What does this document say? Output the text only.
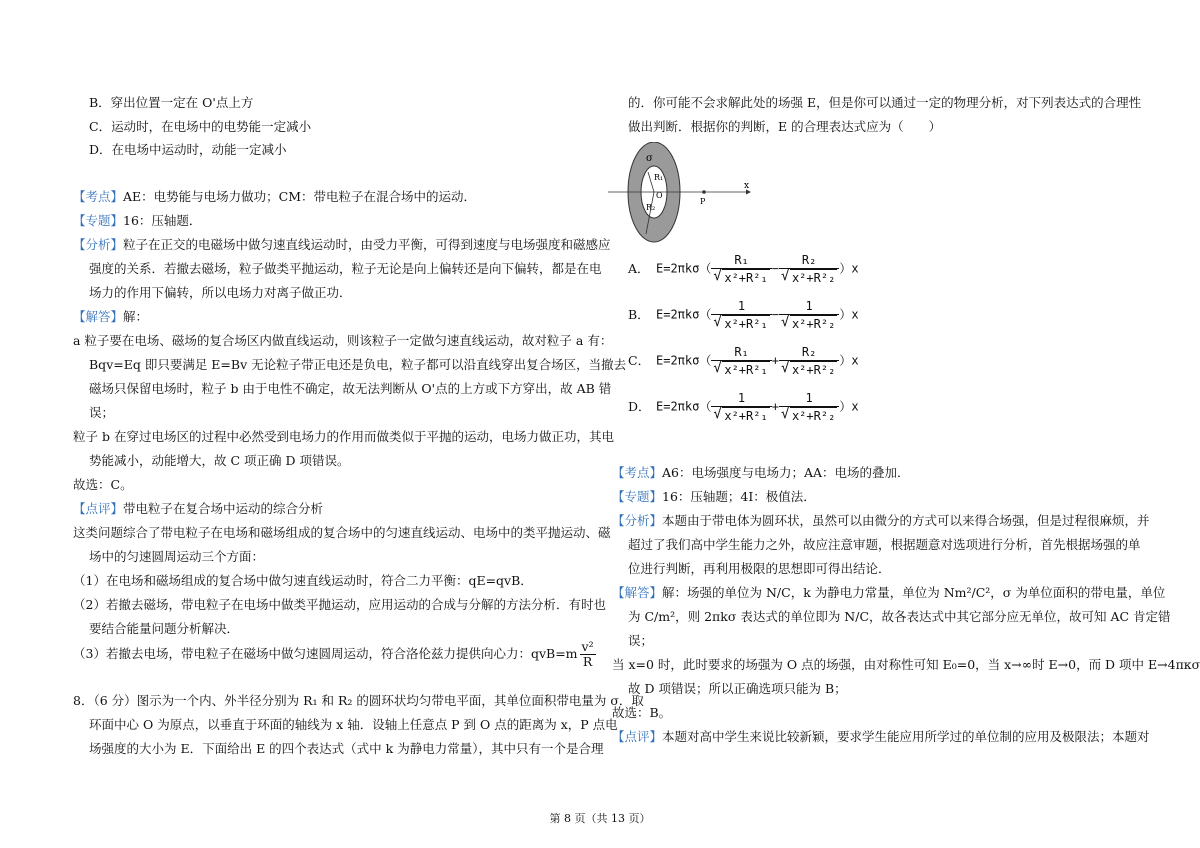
B．穿出位置一定在 O'点上方
C．运动时，在电场中的电势能一定减小
D．在电场中运动时，动能一定减小
【考点】AE：电势能与电场力做功；CM：带电粒子在混合场中的运动．
【专题】16：压轴题．
【分析】粒子在正交的电磁场中做匀速直线运动时，由受力平衡，可得到速度与电场强度和磁感应
强度的关系．若撤去磁场，粒子做类平抛运动，粒子无论是向上偏转还是向下偏转，都是在电
场力的作用下偏转，所以电场力对离子做正功．
【解答】解：
a 粒子要在电场、磁场的复合场区内做直线运动，则该粒子一定做匀速直线运动，故对粒子 a 有：
Bqv=Eq 即只要满足 E=Bv 无论粒子带正电还是负电，粒子都可以沿直线穿出复合场区，当撤去
磁场只保留电场时，粒子 b 由于电性不确定，故无法判断从 O'点的上方或下方穿出，故 AB 错
误；
粒子 b 在穿过电场区的过程中必然受到电场力的作用而做类似于平抛的运动，电场力做正功，其电
势能减小，动能增大，故 C 项正确 D 项错误。
故选：C。
【点评】带电粒子在复合场中运动的综合分析
这类问题综合了带电粒子在电场和磁场组成的复合场中的匀速直线运动、电场中的类平抛运动、磁
场中的匀速圆周运动三个方面：
（1）在电场和磁场组成的复合场中做匀速直线运动时，符合二力平衡：qE=qvB．
（2）若撤去磁场，带电粒子在电场中做类平抛运动，应用运动的合成与分解的方法分析．有时也
要结合能量问题分析解决．
（3）若撤去电场，带电粒子在磁场中做匀速圆周运动，符合洛伦兹力提供向心力：$qvB=m \frac{\text{v²}}{R}$
8．（6 分）图示为一个内、外半径分别为 R₁ 和 R₂ 的圆环状均匀带电平面，其单位面积带电量为 σ．取
环面中心 O 为原点，以垂直于环面的轴线为 x 轴．设轴上任意点 P 到 O 点的距离为 x，P 点电
场强度的大小为 E．下面给出 E 的四个表达式（式中 k 为静电力常量），其中只有一个是合理
的．你可能不会求解此处的场强 E，但是你可以通过一定的物理分析，对下列表达式的合理性
做出判断．根据你的判断，E 的合理表达式应为（　　）
σ
R₁
O
R₂
P
x
A． E=2πkσ（ R₁
√ x²+R²₁ − R₂
√ x²+R²₂ ）x
B． E=2πkσ（ 1
√ x²+R²₁ − 1
√ x²+R²₂ ）x
C． E=2πkσ（ R₁
√ x²+R²₁ + R₂
√ x²+R²₂ ）x
D． E=2πkσ（ 1
√ x²+R²₁ + 1
√ x²+R²₂ ）x
【考点】A6：电场强度与电场力；AA：电场的叠加．
【专题】16：压轴题；4I：极值法．
【分析】本题由于带电体为圆环状，虽然可以由微分的方式可以来得合场强，但是过程很麻烦，并
超过了我们高中学生能力之外，故应注意审题，根据题意对选项进行分析，首先根据场强的单
位进行判断，再利用极限的思想即可得出结论．
【解答】解：场强的单位为 N/C，k 为静电力常量，单位为 Nm²/C²，σ 为单位面积的带电量，单位
为 C/m²，则 2πkσ 表达式的单位即为 N/C，故各表达式中其它部分应无单位，故可知 AC 肯定错
误；
当 x=0 时，此时要求的场强为 O 点的场强，由对称性可知 E₀=0，当 x→∞时 E→0，而 D 项中 E→4πκσ
故 D 项错误；所以正确选项只能为 B；
故选：B。
【点评】本题对高中学生来说比较新颖，要求学生能应用所学过的单位制的应用及极限法；本题对
第 8 页（共 13 页）
